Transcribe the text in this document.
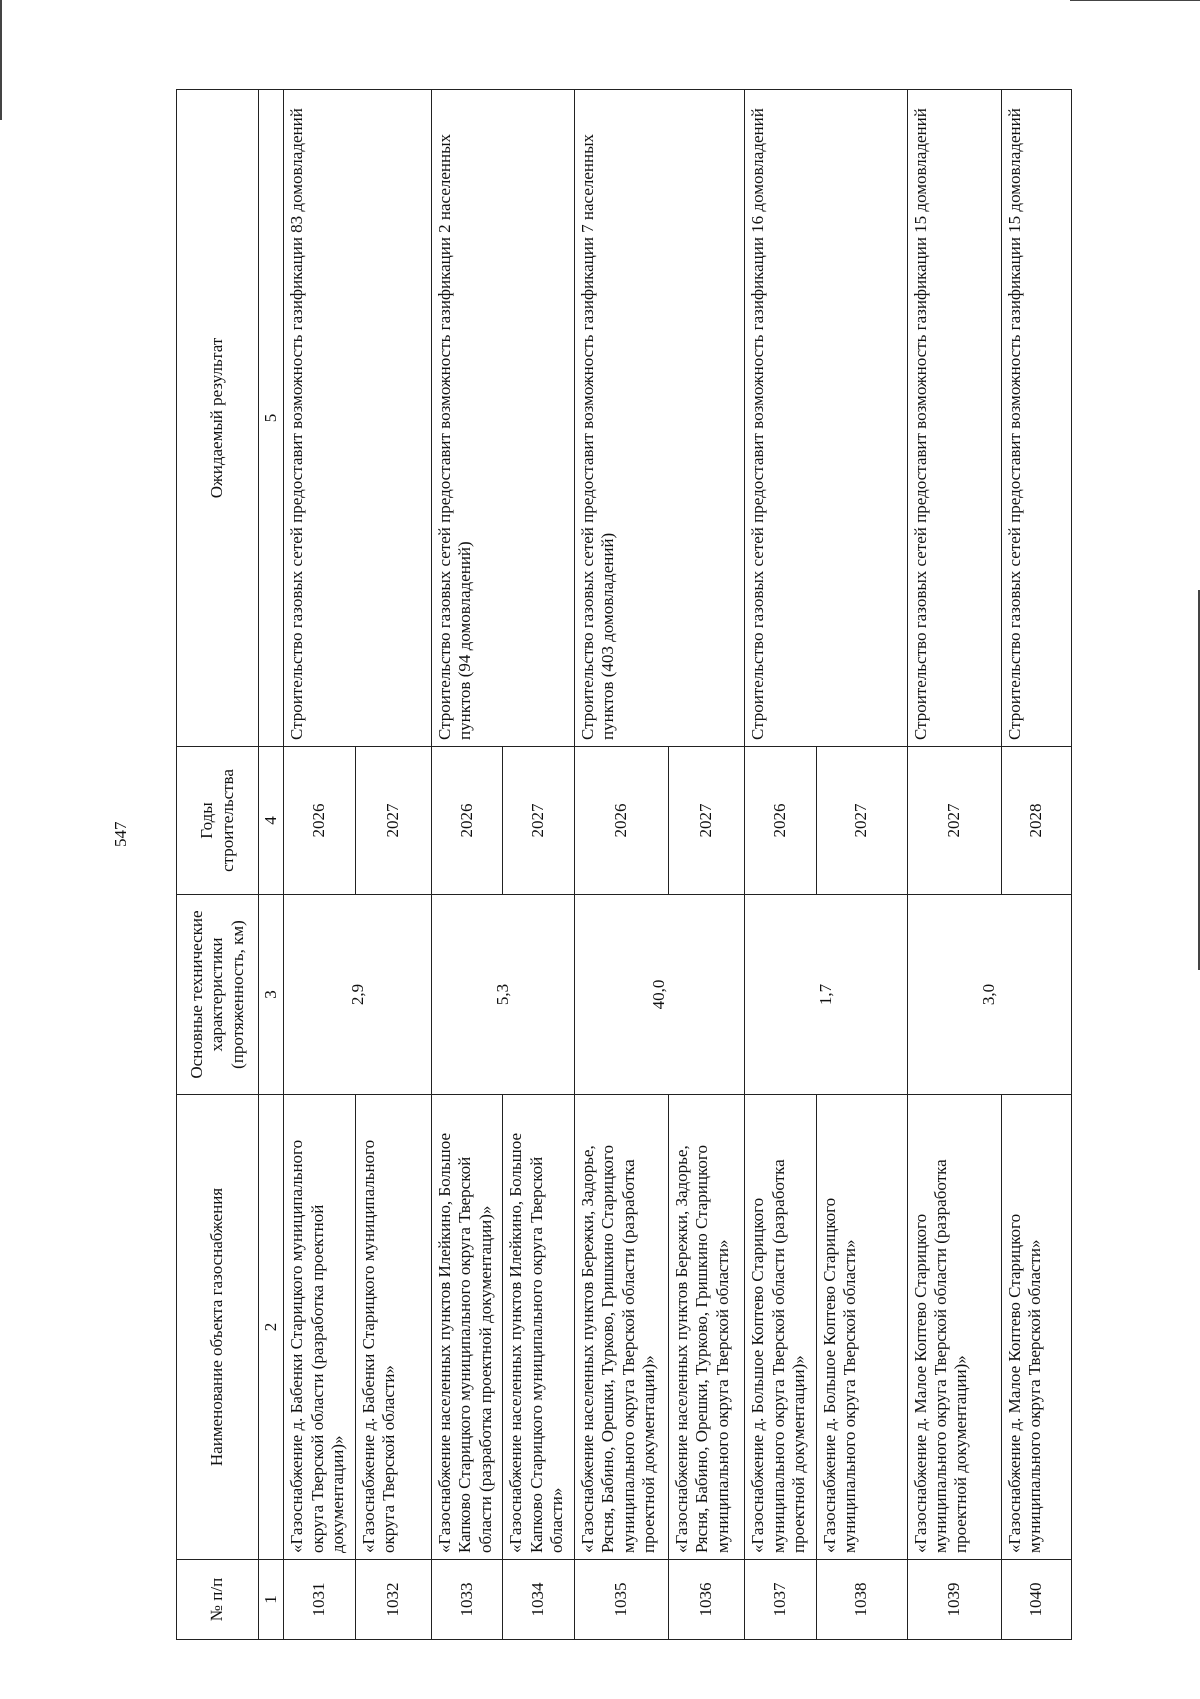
547
№ п/п	Наименование объекта газоснабжения	Основные технические характеристики (протяженность, км)	Годы строительства	Ожидаемый результат
1	2	3	4	5
1031	«Газоснабжение д. Бабенки Старицкого муниципального округа Тверской области (разработка проектной документации)»	2,9	2026	Строительство газовых сетей предоставит возможность газификации 83 домовладений
1032	«Газоснабжение д. Бабенки Старицкого муниципального округа Тверской области»		2027	
1033	«Газоснабжение населенных пунктов Илейкино, Большое Капково Старицкого муниципального округа Тверской области (разработка проектной документации)»	5,3	2026	Строительство газовых сетей предоставит возможность газификации 2 населенных пунктов (94 домовладений)
1034	«Газоснабжение населенных пунктов Илейкино, Большое Капково Старицкого муниципального округа Тверской области»		2027	
1035	«Газоснабжение населенных пунктов Бережки, Задорье, Рясня, Бабино, Орешки, Турково, Гришкино Старицкого муниципального округа Тверской области (разработка проектной документации)»	40,0	2026	Строительство газовых сетей предоставит возможность газификации 7 населенных пунктов (403 домовладений)
1036	«Газоснабжение населенных пунктов Бережки, Задорье, Рясня, Бабино, Орешки, Турково, Гришкино Старицкого муниципального округа Тверской области»		2027	
1037	«Газоснабжение д. Большое Коптево Старицкого муниципального округа Тверской области (разработка проектной документации)»	1,7	2026	Строительство газовых сетей предоставит возможность газификации 16 домовладений
1038	«Газоснабжение д. Большое Коптево Старицкого муниципального округа Тверской области»		2027	
1039	«Газоснабжение д. Малое Коптево Старицкого муниципального округа Тверской области (разработка проектной документации)»	3,0	2027	Строительство газовых сетей предоставит возможность газификации 15 домовладений
1040	«Газоснабжение д. Малое Коптево Старицкого муниципального округа Тверской области»		2028	Строительство газовых сетей предоставит возможность газификации 15 домовладений
